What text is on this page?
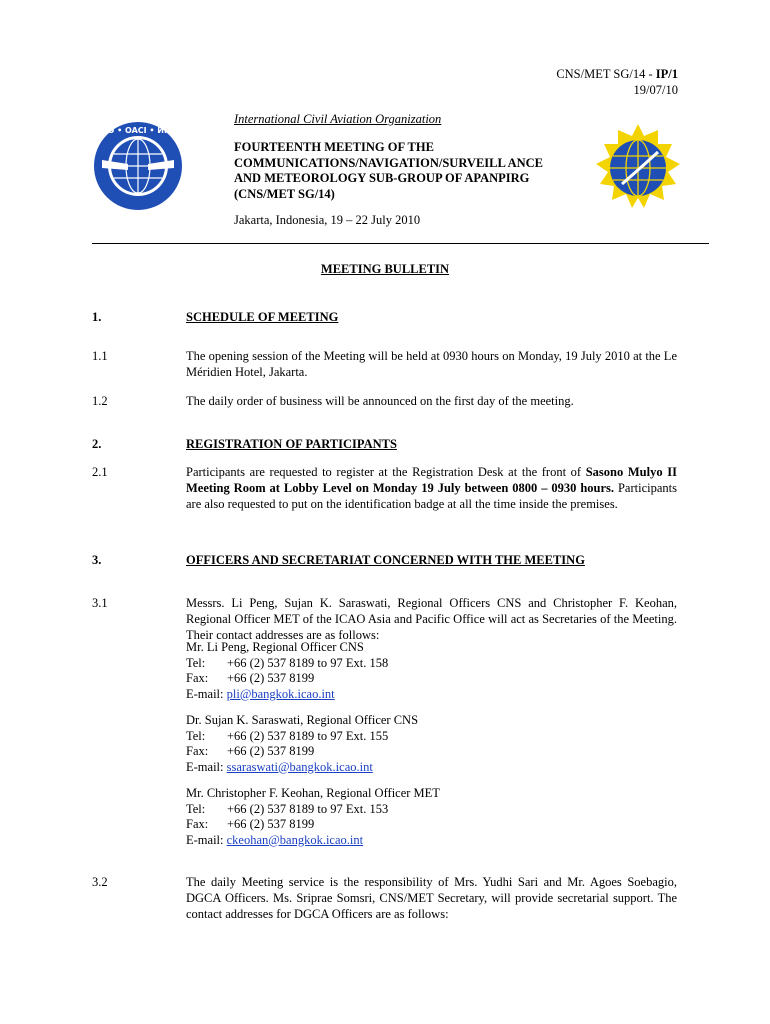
CNS/MET SG/14 - IP/1
19/07/10
ICAO • OACI • ИКАО
International Civil Aviation Organization
FOURTEENTH MEETING OF THE COMMUNICATIONS/NAVIGATION/SURVEILL ANCE AND METEOROLOGY SUB-GROUP OF APANPIRG (CNS/MET SG/14)
Jakarta, Indonesia, 19 – 22 July 2010
MEETING BULLETIN
1.	SCHEDULE OF MEETING
1.1	The opening session of the Meeting will be held at 0930 hours on Monday, 19 July 2010 at the Le Méridien Hotel, Jakarta.
1.2	The daily order of business will be announced on the first day of the meeting.
2.	REGISTRATION OF PARTICIPANTS
2.1	Participants are requested to register at the Registration Desk at the front of Sasono Mulyo II Meeting Room at Lobby Level on Monday 19 July between 0800 – 0930 hours. Participants are also requested to put on the identification badge at all the time inside the premises.
3.	OFFICERS AND SECRETARIAT CONCERNED WITH THE MEETING
3.1	Messrs. Li Peng, Sujan K. Saraswati, Regional Officers CNS and Christopher F. Keohan, Regional Officer MET of the ICAO Asia and Pacific Office will act as Secretaries of the Meeting. Their contact addresses are as follows:
Mr. Li Peng, Regional Officer CNS
Tel: +66 (2) 537 8189 to 97 Ext. 158
Fax: +66 (2) 537 8199
E-mail: pli@bangkok.icao.int
Dr. Sujan K. Saraswati, Regional Officer CNS
Tel: +66 (2) 537 8189 to 97 Ext. 155
Fax: +66 (2) 537 8199
E-mail: ssaraswati@bangkok.icao.int
Mr. Christopher F. Keohan, Regional Officer MET
Tel: +66 (2) 537 8189 to 97 Ext. 153
Fax: +66 (2) 537 8199
E-mail: ckeohan@bangkok.icao.int
3.2	The daily Meeting service is the responsibility of Mrs. Yudhi Sari and Mr. Agoes Soebagio, DGCA Officers. Ms. Sriprae Somsri, CNS/MET Secretary, will provide secretarial support. The contact addresses for DGCA Officers are as follows:
